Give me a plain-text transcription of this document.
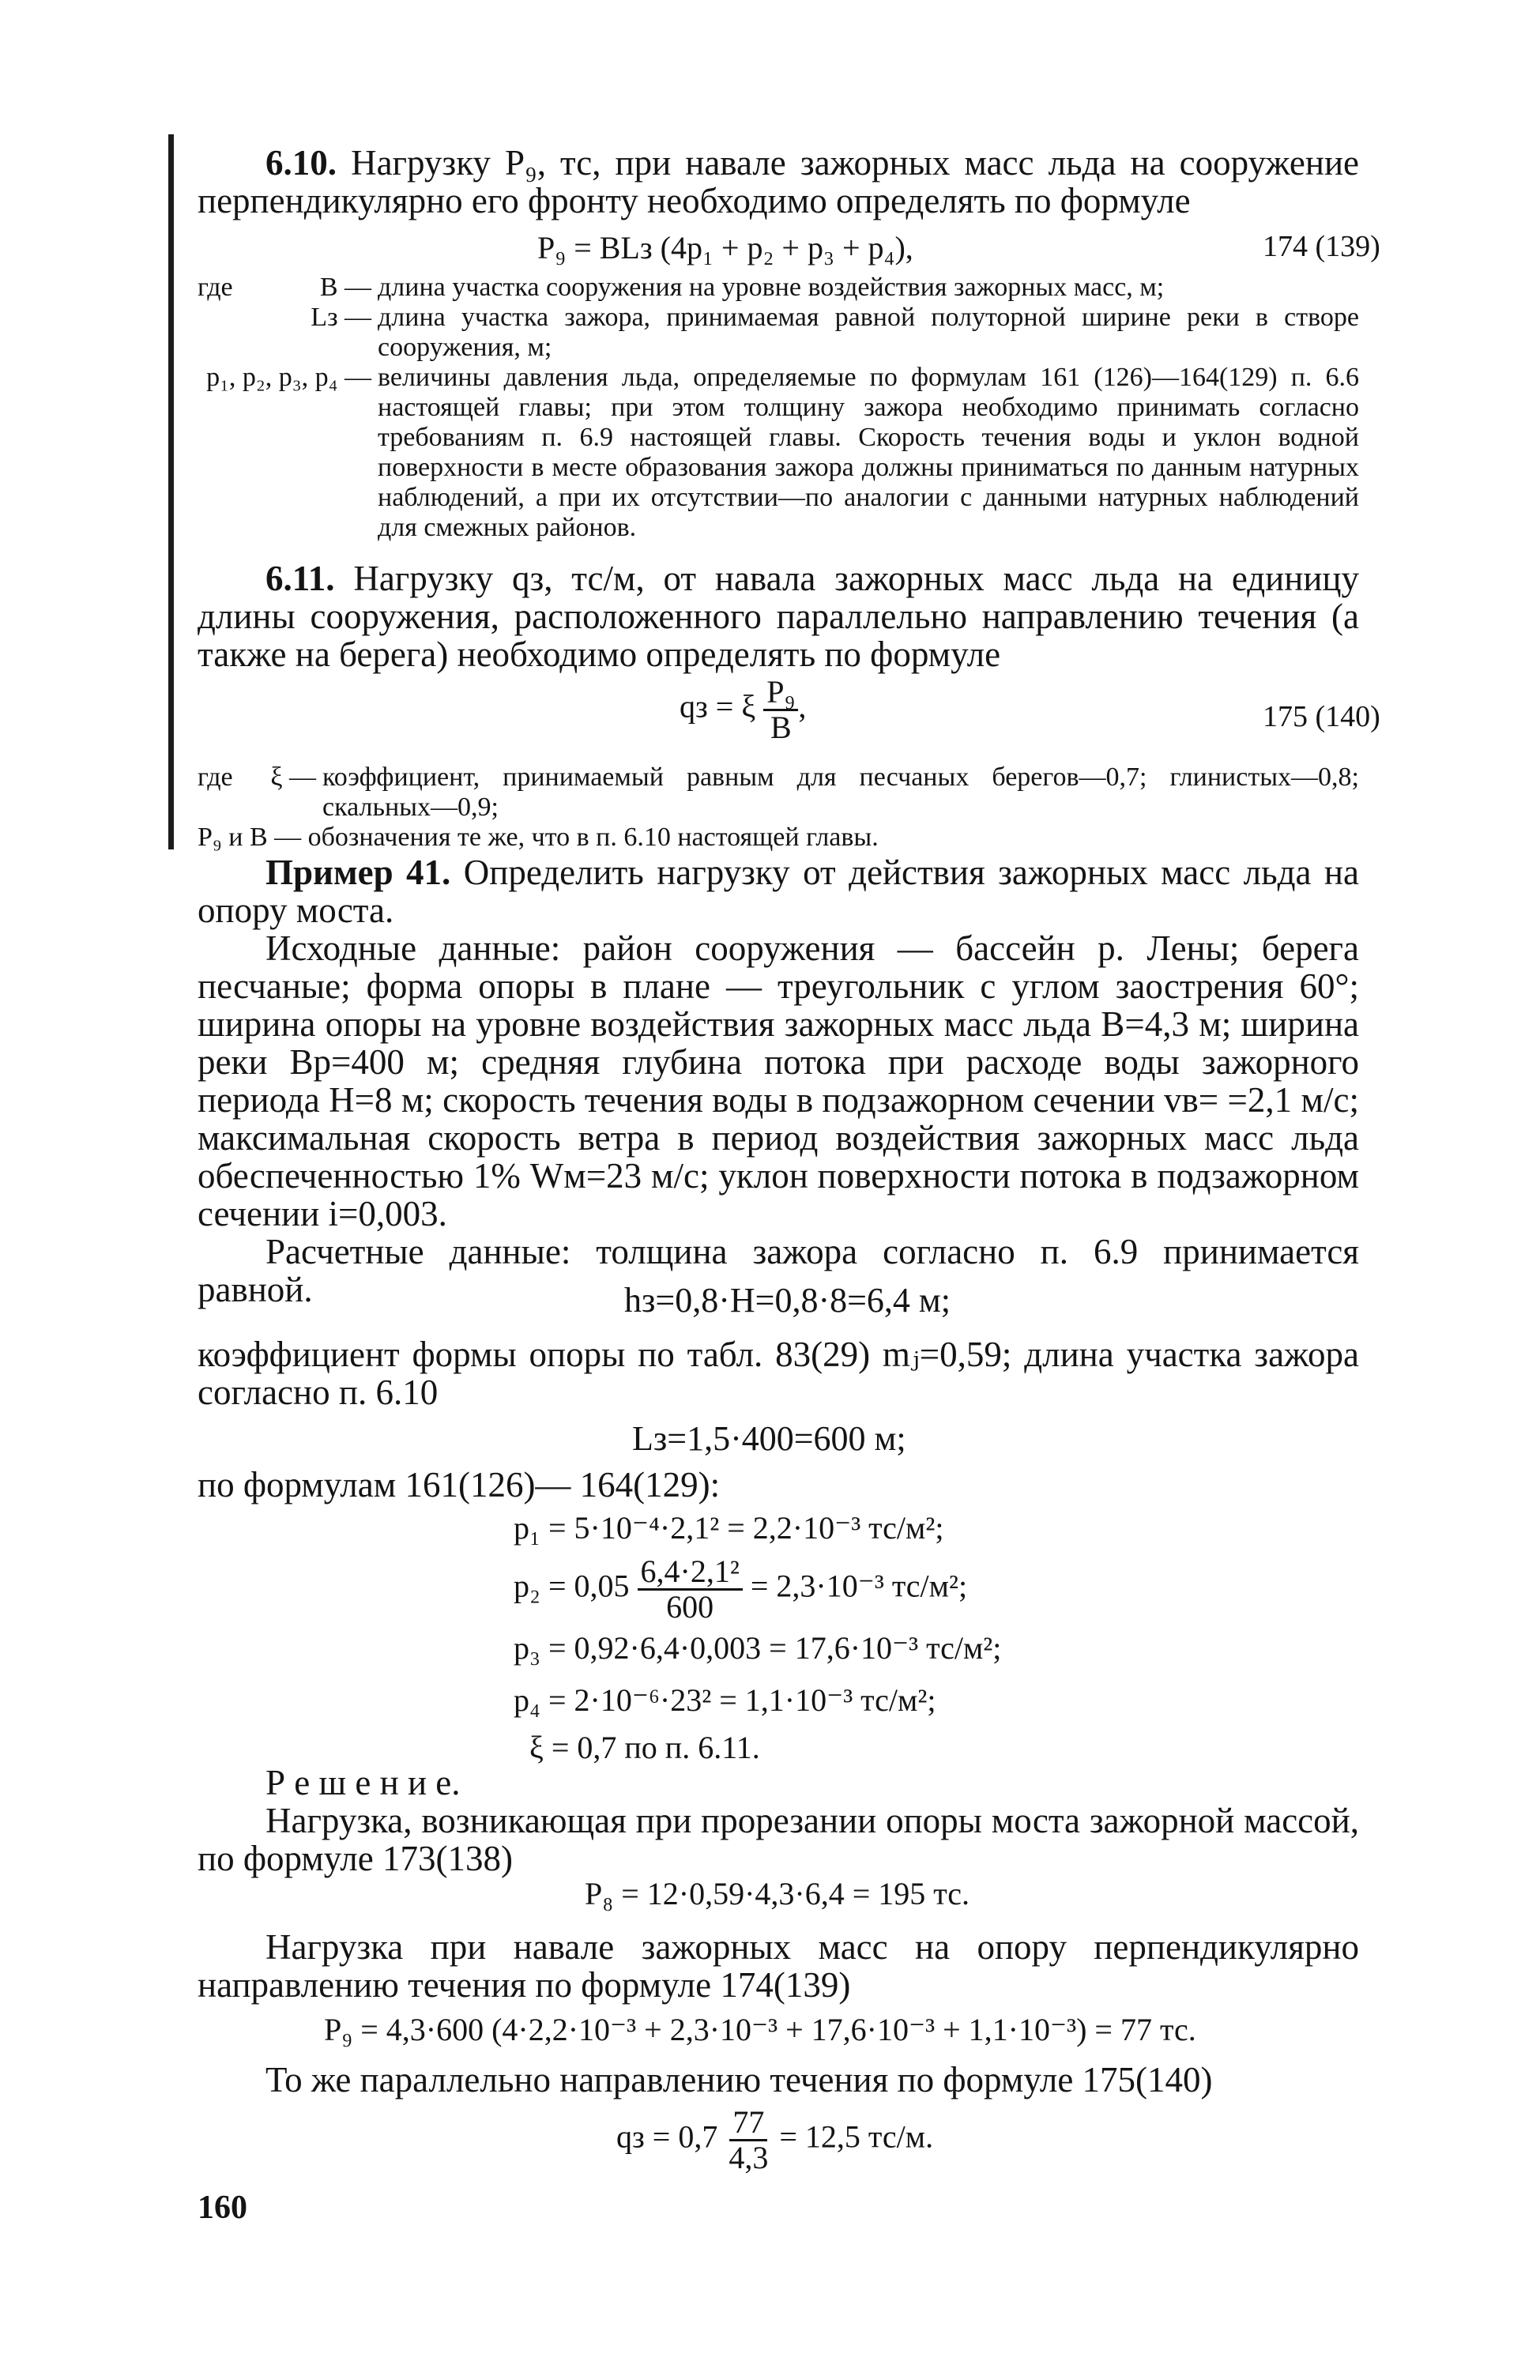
6.10. Нагрузку P₉, тс, при навале зажорных масс льда на сооружение перпендикулярно его фронту необходимо определять по формуле

P₉ = BLз (4p₁ + p₂ + p₃ + p₄),	174 (139)
где	B — длина участка сооружения на уровне воздействия зажорных масс, м;
Lз — длина участка зажора, принимаемая равной полуторной ширине реки в створе сооружения, м;
p₁, p₂, p₃, p₄ — величины давления льда, определяемые по формулам 161 (126)—164(129) п. 6.6 настоящей главы; при этом толщину зажора необходимо принимать согласно требованиям п. 6.9 настоящей главы. Скорость течения воды и уклон водной поверхности в месте образования зажора должны приниматься по данным натурных наблюдений, а при их отсутствии—по аналогии с данными натурных наблюдений для смежных районов.

6.11. Нагрузку qз, тс/м, от навала зажорных масс льда на единицу длины сооружения, расположенного параллельно направлению течения (а также на берега) необходимо определять по формуле

qз = ξ $\frac{\text{P₉}}{B}$ ,	175 (140)
где ξ — коэффициент, принимаемый равным для песчаных берегов—0,7; глинистых—0,8; скальных—0,9;
P₉ и B — обозначения те же, что в п. 6.10 настоящей главы.

Пример 41. Определить нагрузку от действия зажорных масс льда на опору моста.

Исходные данные: район сооружения — бассейн р. Лены; берега песчаные; форма опоры в плане — треугольник с углом заострения 60°; ширина опоры на уровне воздействия зажорных масс льда B=4,3 м; ширина реки Bр=400 м; средняя глубина потока при расходе воды зажорного периода H=8 м; скорость течения воды в подзажорном сечении vв= =2,1 м/с; максимальная скорость ветра в период воздействия зажорных масс льда обеспеченностью 1% Wм=23 м/с; уклон поверхности потока в подзажорном сечении i=0,003.

Расчетные данные: толщина зажора согласно п. 6.9 принимается равной.	hз=0,8·H=0,8·8=6,4 м;

коэффициент формы опоры по табл. 83(29) mⱼ=0,59; длина участка зажора согласно п. 6.10

Lз=1,5·400=600 м;

по формулам 161(126)— 164(129):

p₁ = 5·10⁻⁴·2,1² = 2,2·10⁻³ тс/м²;
$p_2 = 0,05 \frac{\text{6,4·2,1²}}{600} = 2,3\cdot 10^{-3}$ тс/м²;
p₃ = 0,92·6,4·0,003 = 17,6·10⁻³ тс/м²;
p₄ = 2·10⁻⁶·23² = 1,1·10⁻³ тс/м²;
ξ = 0,7 по п. 6.11.

Р е ш е н и е.

Нагрузка, возникающая при прорезании опоры моста зажорной массой, по формуле 173(138)

P₈ = 12·0,59·4,3·6,4 = 195 тс.

Нагрузка при навале зажорных масс на опору перпендикулярно направлению течения по формуле 174(139)

P₉ = 4,3·600 (4·2,2·10⁻³ + 2,3·10⁻³ + 17,6·10⁻³ + 1,1·10⁻³) = 77 тс.

То же параллельно направлению течения по формуле 175(140)

qз = $0,7 \frac{77}{4,3} = 12,5$ тс/м.
160
